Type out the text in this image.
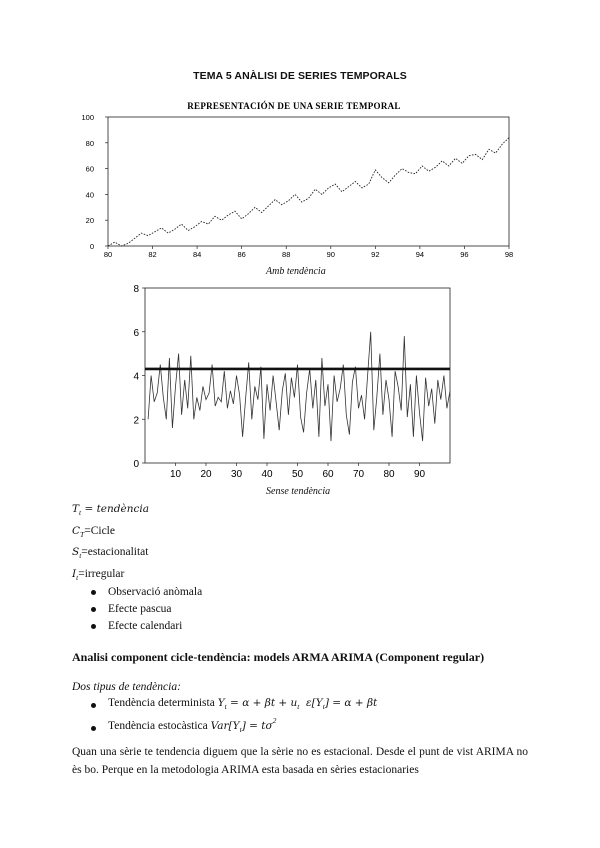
TEMA 5 ANÀLISI DE SERIES TEMPORALS
REPRESENTACIÓN DE UNA SERIE TEMPORAL
0
20
40
60
80
100
80	82	84	86	88	90	92	94	96	98
Amb tendència
0
2
4
6
8
10 20 30 40 50 60 70 80 90
Sense tendència
$T_t$ = tendència
$C_T=Cicle$
$S_t=estacionalitat$
$I_t=irregular$
Observació anòmala
Efecte pascua
Efecte calendari
Analisi component cicle-tendència: models ARMA ARIMA (Component regular)
Dos tipus de tendència:
Tendència determinista $Y_t = \alpha + \beta t + u_t$  $\varepsilon[Y_t] = \alpha + \beta t$
Tendència estocàstica $Var[Y_t] = t\sigma^2$
Quan una sèrie te tendencia diguem que la sèrie no es estacional. Desde el punt de vist ARIMA no ès bo. Perque en la metodologia ARIMA esta basada en sèries estacionaries
